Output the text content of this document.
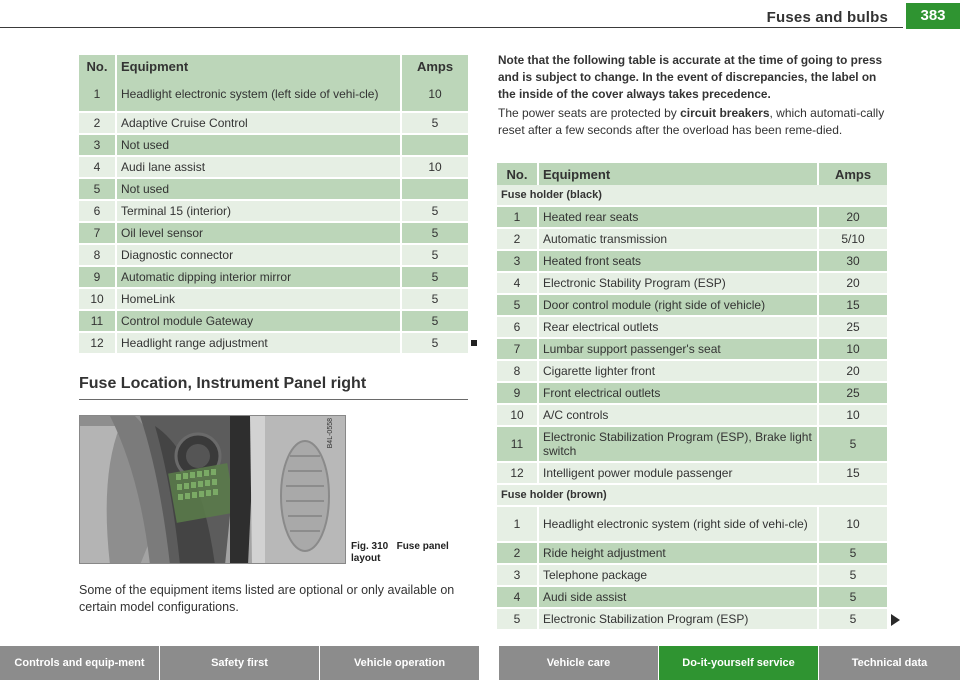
Fuses and bulbs	383
No.	Equipment	Amps
1	Headlight electronic system (left side of vehi-cle)	10
2	Adaptive Cruise Control	5
3	Not used	
4	Audi lane assist	10
5	Not used	
6	Terminal 15 (interior)	5
7	Oil level sensor	5
8	Diagnostic connector	5
9	Automatic dipping interior mirror	5
10	HomeLink	5
11	Control module Gateway	5
12	Headlight range adjustment	5
Fuse Location, Instrument Panel right
B4L-0558
Fig. 310 Fuse panel layout
Some of the equipment items listed are optional or only available on certain model configurations.
Note that the following table is accurate at the time of going to press and is subject to change. In the event of discrepancies, the label on the inside of the cover always takes precedence.
The power seats are protected by circuit breakers, which automati-cally reset after a few seconds after the overload has been reme-died.
No.	Equipment	Amps
Fuse holder (black)		
1	Heated rear seats	20
2	Automatic transmission	5/10
3	Heated front seats	30
4	Electronic Stability Program (ESP)	20
5	Door control module (right side of vehicle)	15
6	Rear electrical outlets	25
7	Lumbar support passenger's seat	10
8	Cigarette lighter front	20
9	Front electrical outlets	25
10	A/C controls	10
11	Electronic Stabilization Program (ESP), Brake light switch	5
12	Intelligent power module passenger	15
Fuse holder (brown)		
1	Headlight electronic system (right side of vehi-cle)	10
2	Ride height adjustment	5
3	Telephone package	5
4	Audi side assist	5
5	Electronic Stabilization Program (ESP)	5
Controls and equip-ment	Safety first	Vehicle operation	Vehicle care	Do-it-yourself service	Technical data
